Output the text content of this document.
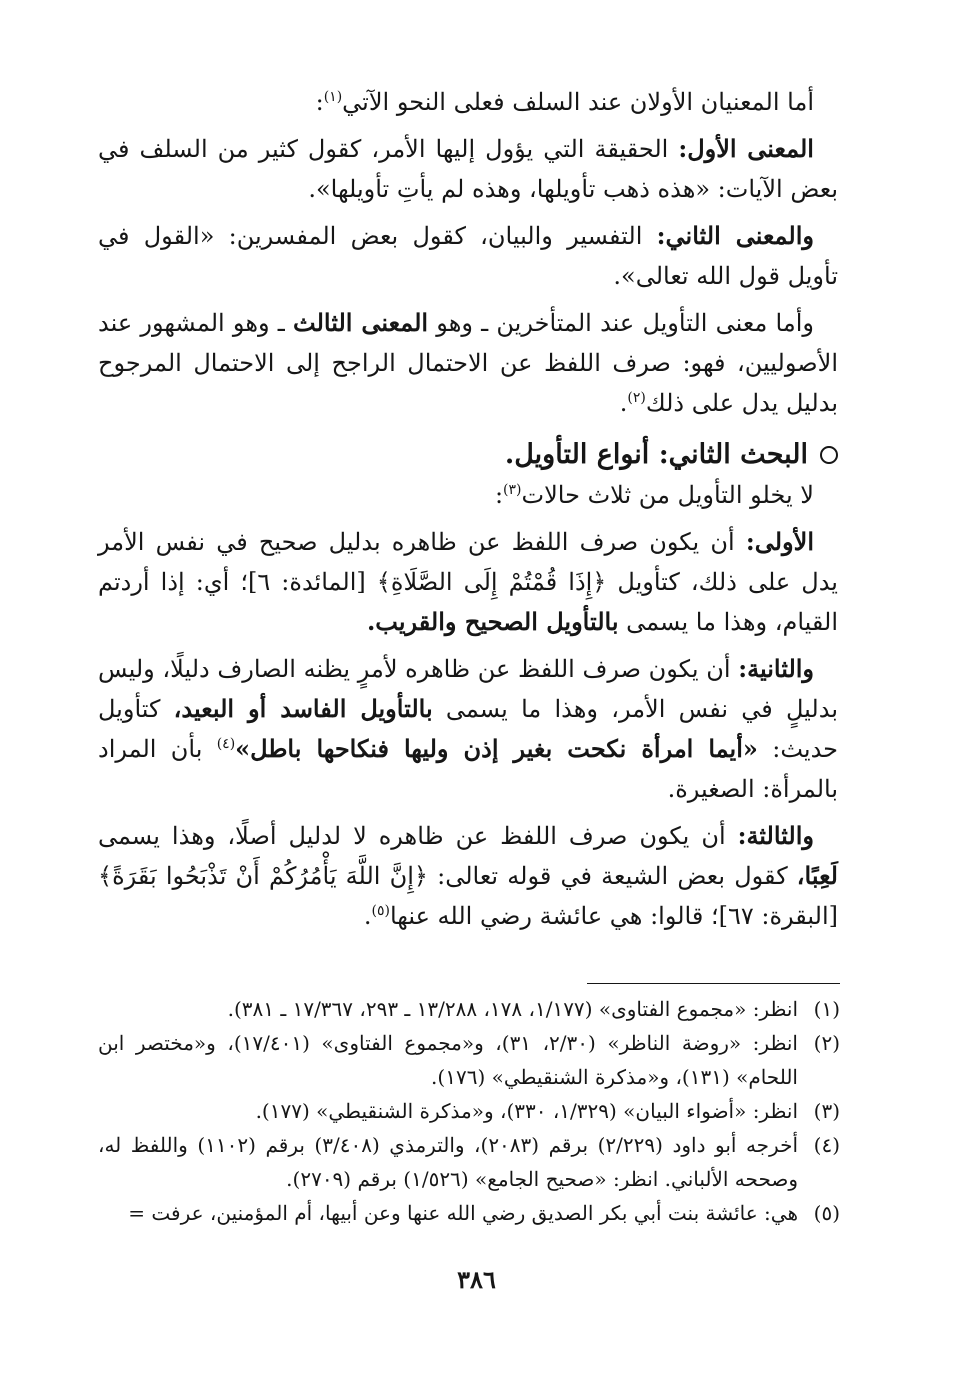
أما المعنيان الأولان عند السلف فعلى النحو الآتي$^{(١)}$:

المعنى الأول: الحقيقة التي يؤول إليها الأمر، كقول كثير من السلف في بعض الآيات: «هذه ذهب تأويلها، وهذه لم يأتِ تأويلها».

والمعنى الثاني: التفسير والبيان، كقول بعض المفسرين: «القول في تأويل قول الله تعالى».

وأما معنى التأويل عند المتأخرين ـ وهو المعنى الثالث ـ وهو المشهور عند الأصوليين، فهو: صرف اللفظ عن الاحتمال الراجح إلى الاحتمال المرجوح بدليل يدل على ذلك$^{(٢)}$.

البحث الثاني: أنواع التأويل.

لا يخلو التأويل من ثلاث حالات$^{(٣)}$:

الأولى: أن يكون صرف اللفظ عن ظاهره بدليل صحيح في نفس الأمر يدل على ذلك، كتأويل ﴿إِذَا قُمْتُمْ إِلَى الصَّلَاةِ﴾ [المائدة: ٦]؛ أي: إذا أردتم القيام، وهذا ما يسمى بالتأويل الصحيح والقريب.

والثانية: أن يكون صرف اللفظ عن ظاهره لأمرٍ يظنه الصارف دليلًا، وليس بدليلٍ في نفس الأمر، وهذا ما يسمى بالتأويل الفاسد أو البعيد، كتأويل حديث: «أيما امرأة نكحت بغير إذن وليها فنكاحها باطل»$^{(٤)}$ بأن المراد بالمرأة: الصغيرة.

والثالثة: أن يكون صرف اللفظ عن ظاهره لا لدليل أصلًا، وهذا يسمى لَعِبًا، كقول بعض الشيعة في قوله تعالى: ﴿إِنَّ اللَّهَ يَأْمُرُكُمْ أَنْ تَذْبَحُوا بَقَرَةً﴾ [البقرة: ٦٧]؛ قالوا: هي عائشة رضي الله عنها$^{(٥)}$.

(١)
انظر: «مجموع الفتاوى» (١/١٧٧، ١٧٨، ١٣/٢٨٨ ـ ٢٩٣، ١٧/٣٦٧ ـ ٣٨١).
(٢)
انظر: «روضة الناظر» (٢/٣٠، ٣١)، و«مجموع الفتاوى» (١٧/٤٠١)، و«مختصر ابن اللحام» (١٣١)، و«مذكرة الشنقيطي» (١٧٦).
(٣)
انظر: «أضواء البيان» (١/٣٢٩، ٣٣٠)، و«مذكرة الشنقيطي» (١٧٧).
(٤)
أخرجه أبو داود (٢/٢٢٩) برقم (٢٠٨٣)، والترمذي (٣/٤٠٨) برقم (١١٠٢) واللفظ له، وصححه الألباني. انظر: «صحيح الجامع» (١/٥٢٦) برقم (٢٧٠٩).
(٥)
هي: عائشة بنت أبي بكر الصديق رضي الله عنها وعن أبيها، أم المؤمنين، عرفت =
٣٨٦
